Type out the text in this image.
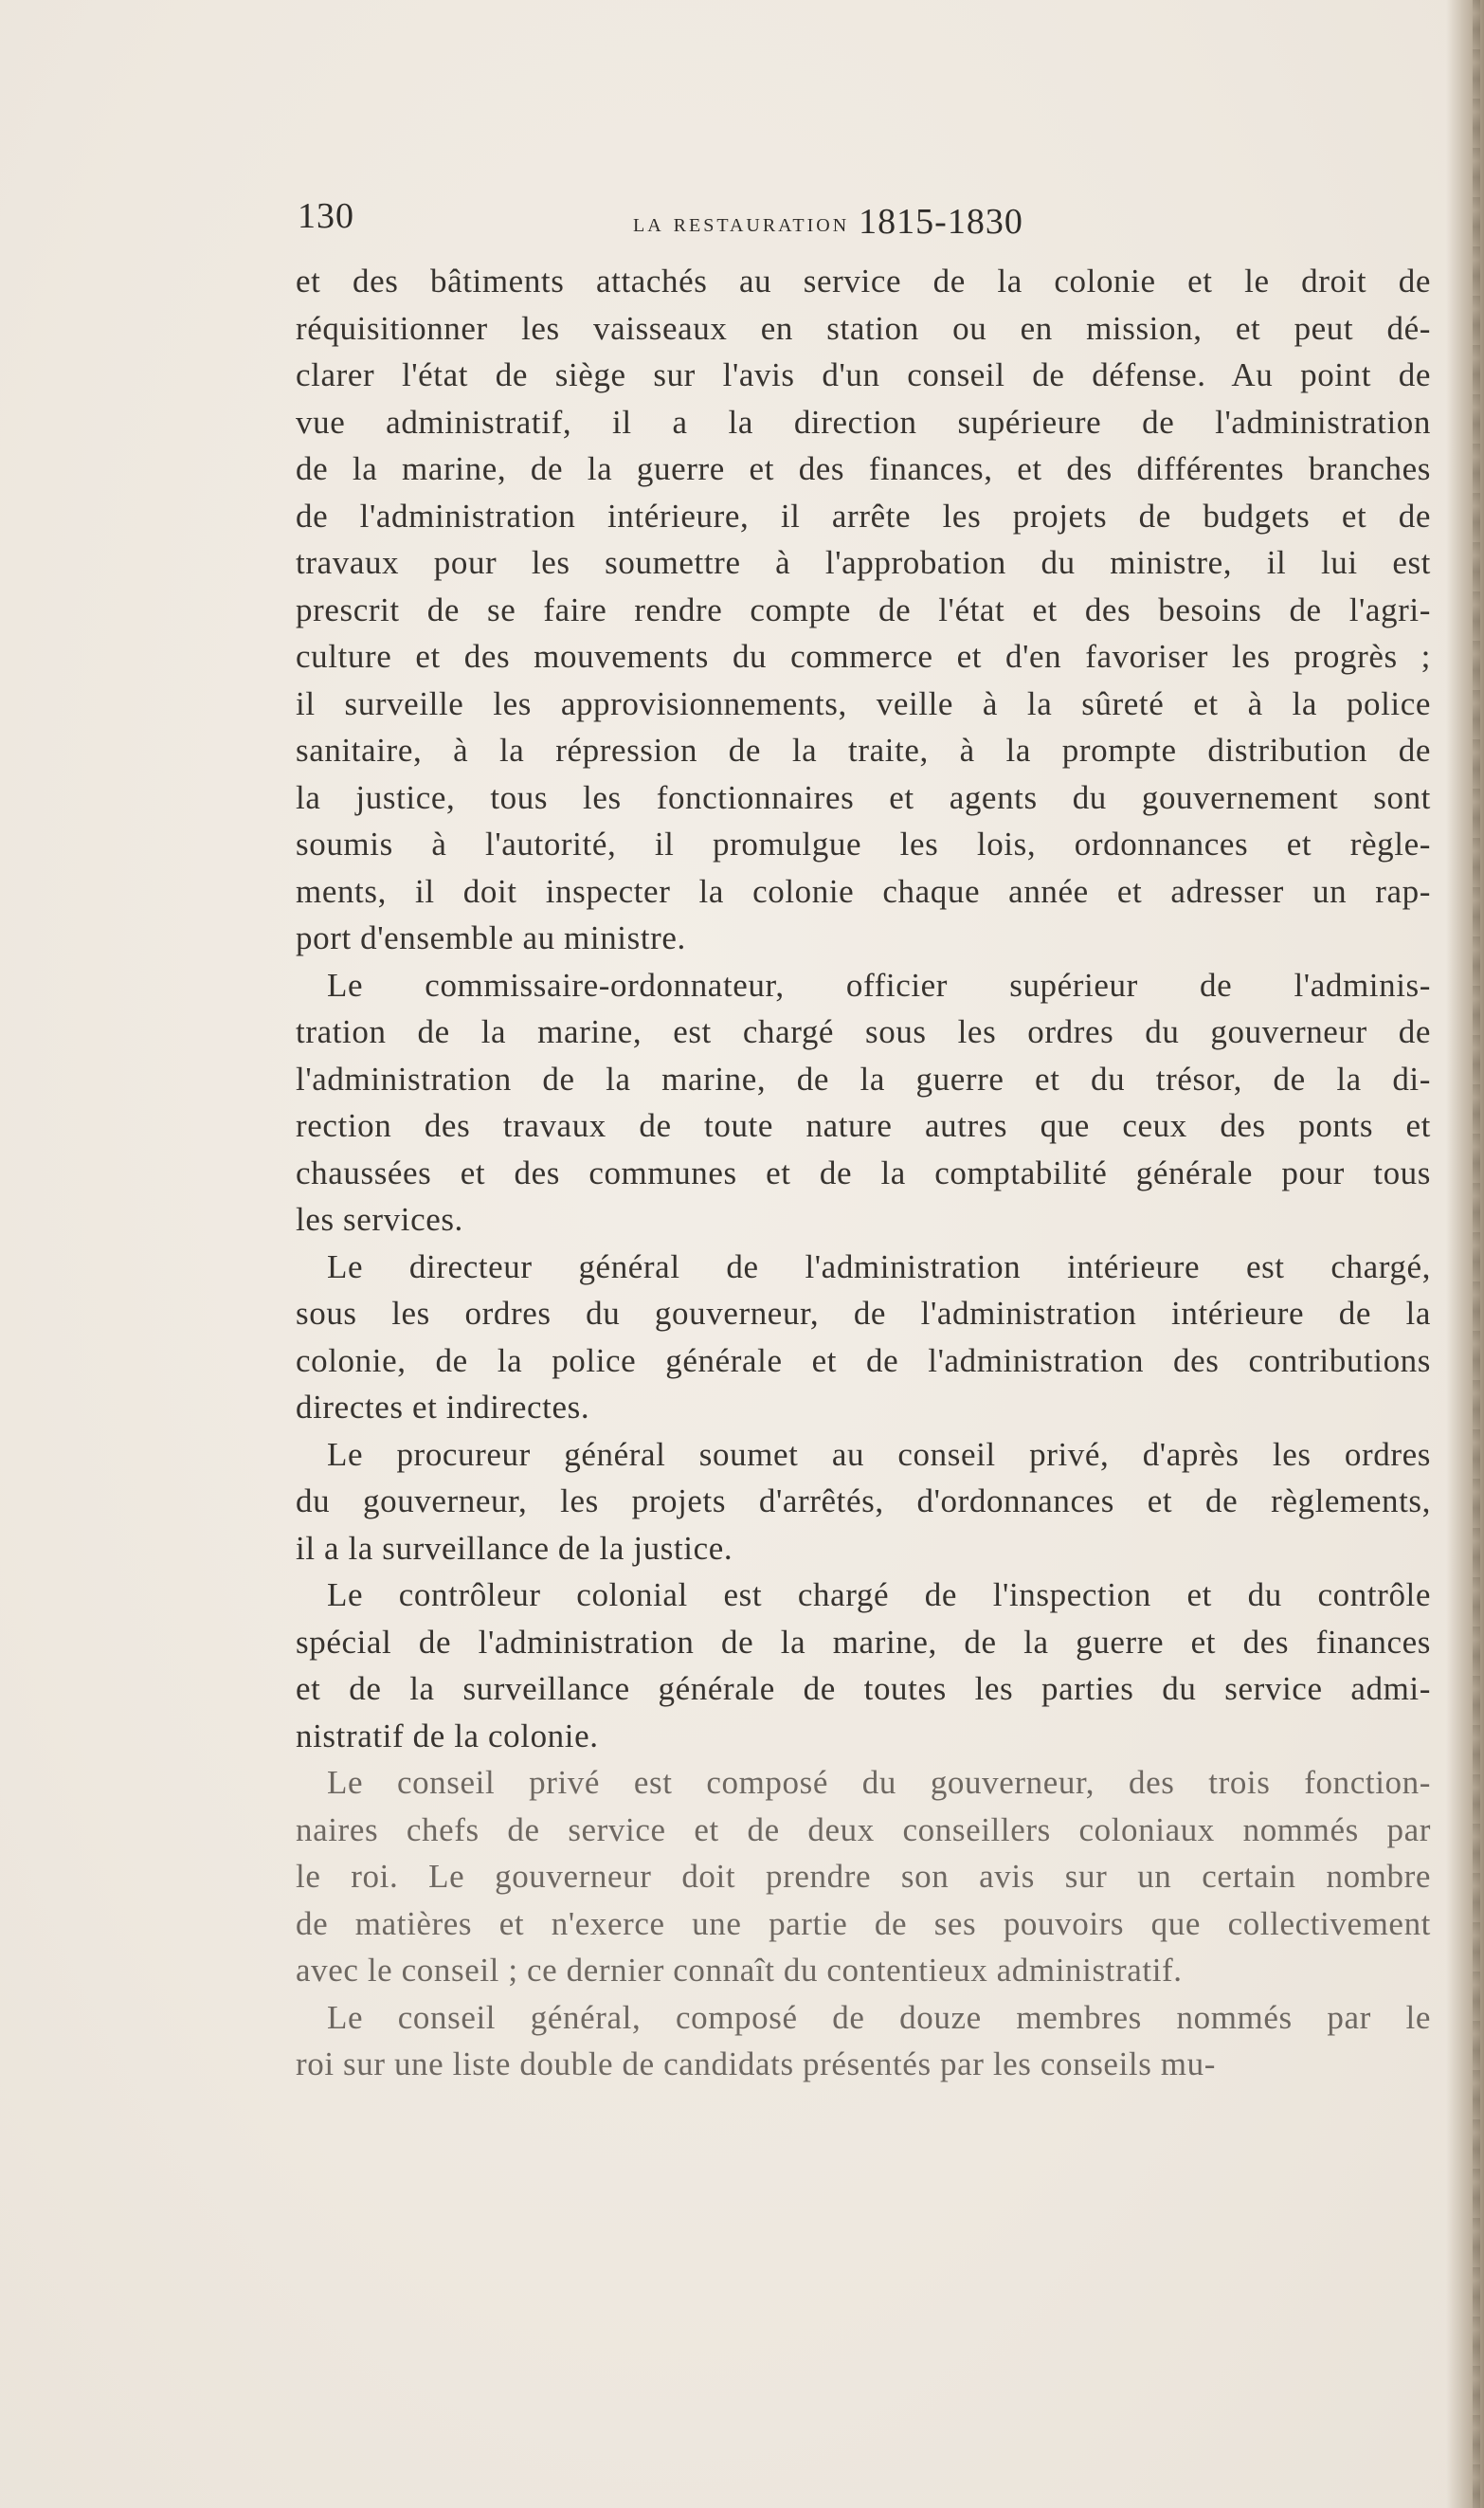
130	la restauration 1815-1830
et des bâtiments attachés au service de la colonie et le droit de
réquisitionner les vaisseaux en station ou en mission, et peut dé-
clarer l'état de siège sur l'avis d'un conseil de défense. Au point de
vue administratif, il a la direction supérieure de l'administration
de la marine, de la guerre et des finances, et des différentes branches
de l'administration intérieure, il arrête les projets de budgets et de
travaux pour les soumettre à l'approbation du ministre, il lui est
prescrit de se faire rendre compte de l'état et des besoins de l'agri-
culture et des mouvements du commerce et d'en favoriser les progrès ;
il surveille les approvisionnements, veille à la sûreté et à la police
sanitaire, à la répression de la traite, à la prompte distribution de
la justice, tous les fonctionnaires et agents du gouvernement sont
soumis à l'autorité, il promulgue les lois, ordonnances et règle-
ments, il doit inspecter la colonie chaque année et adresser un rap-
port d'ensemble au ministre.
Le commissaire-ordonnateur, officier supérieur de l'adminis-
tration de la marine, est chargé sous les ordres du gouverneur de
l'administration de la marine, de la guerre et du trésor, de la di-
rection des travaux de toute nature autres que ceux des ponts et
chaussées et des communes et de la comptabilité générale pour tous
les services.
Le directeur général de l'administration intérieure est chargé,
sous les ordres du gouverneur, de l'administration intérieure de la
colonie, de la police générale et de l'administration des contributions
directes et indirectes.
Le procureur général soumet au conseil privé, d'après les ordres
du gouverneur, les projets d'arrêtés, d'ordonnances et de règlements,
il a la surveillance de la justice.
Le contrôleur colonial est chargé de l'inspection et du contrôle
spécial de l'administration de la marine, de la guerre et des finances
et de la surveillance générale de toutes les parties du service admi-
nistratif de la colonie.
Le conseil privé est composé du gouverneur, des trois fonction-
naires chefs de service et de deux conseillers coloniaux nommés par
le roi. Le gouverneur doit prendre son avis sur un certain nombre
de matières et n'exerce une partie de ses pouvoirs que collectivement
avec le conseil ; ce dernier connaît du contentieux administratif.
Le conseil général, composé de douze membres nommés par le
roi sur une liste double de candidats présentés par les conseils mu-
